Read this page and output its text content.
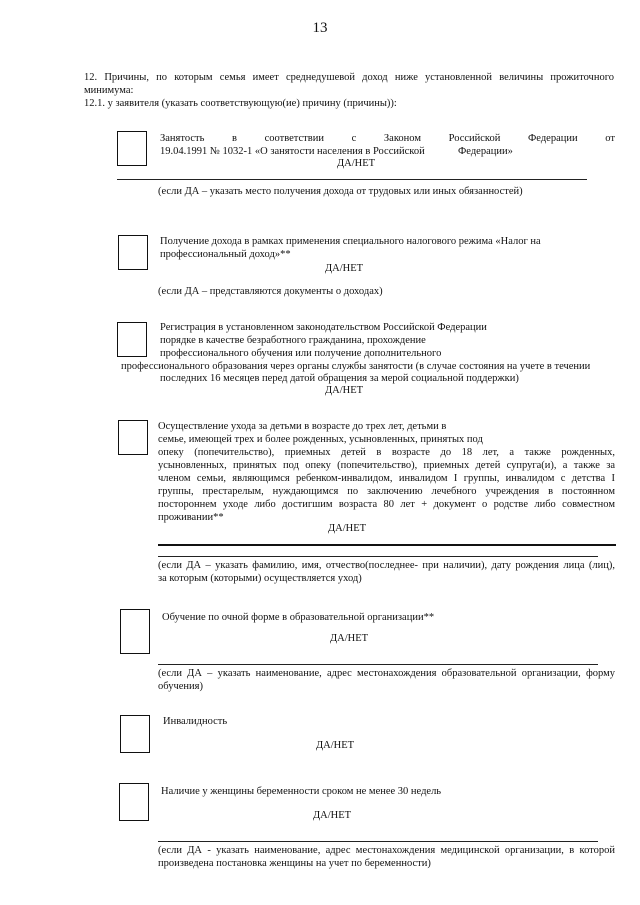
13
12. Причины, по которым семья имеет среднедушевой доход ниже установленной величины прожиточного
минимума:
12.1. у заявителя (указать соответствующую(ие) причину (причины)):
Занятость	в	соответствии	с	Законом	Российской	Федерации	от
19.04.1991 № 1032-1 «О занятости населения в Российской	Федерации»
ДА/НЕТ
(если ДА – указать место получения дохода от трудовых или иных обязанностей)
Получение дохода в рамках применения специального налогового режима «Налог на
профессиональный доход»**
ДА/НЕТ
(если ДА – представляются документы о доходах)
Регистрация в установленном законодательством Российской Федерации
порядке в качестве безработного гражданина, прохождение
профессионального обучения или получение дополнительного
профессионального образования через органы службы занятости (в случае состояния на учете в течении
последних 16 месяцев перед датой обращения за мерой социальной поддержки)
ДА/НЕТ
Осуществление ухода за детьми в возрасте до трех лет, детьми в
семье, имеющей трех и более рожденных, усыновленных, принятых под
опеку (попечительство), приемных детей в возрасте до 18 лет, а также рожденных,
усыновленных, принятых под опеку (попечительство), приемных детей супруга(и), а также за
членом семьи, являющимся ребенком-инвалидом, инвалидом I группы, инвалидом с детства I
группы, престарелым, нуждающимся по заключению лечебного учреждения в постоянном
постороннем уходе либо достигшим возраста 80 лет + документ о родстве либо совместном
проживании**
ДА/НЕТ
(если ДА – указать фамилию, имя, отчество(последнее- при наличии), дату рождения лица (лиц),
за которым (которыми) осуществляется уход)
Обучение по очной форме в образовательной организации**
ДА/НЕТ
(если ДА – указать наименование, адрес местонахождения образовательной организации, форму
обучения)
Инвалидность
ДА/НЕТ
Наличие у женщины беременности сроком не менее 30 недель
ДА/НЕТ
(если ДА - указать наименование, адрес местонахождения медицинской организации, в которой
произведена постановка женщины на учет по беременности)
